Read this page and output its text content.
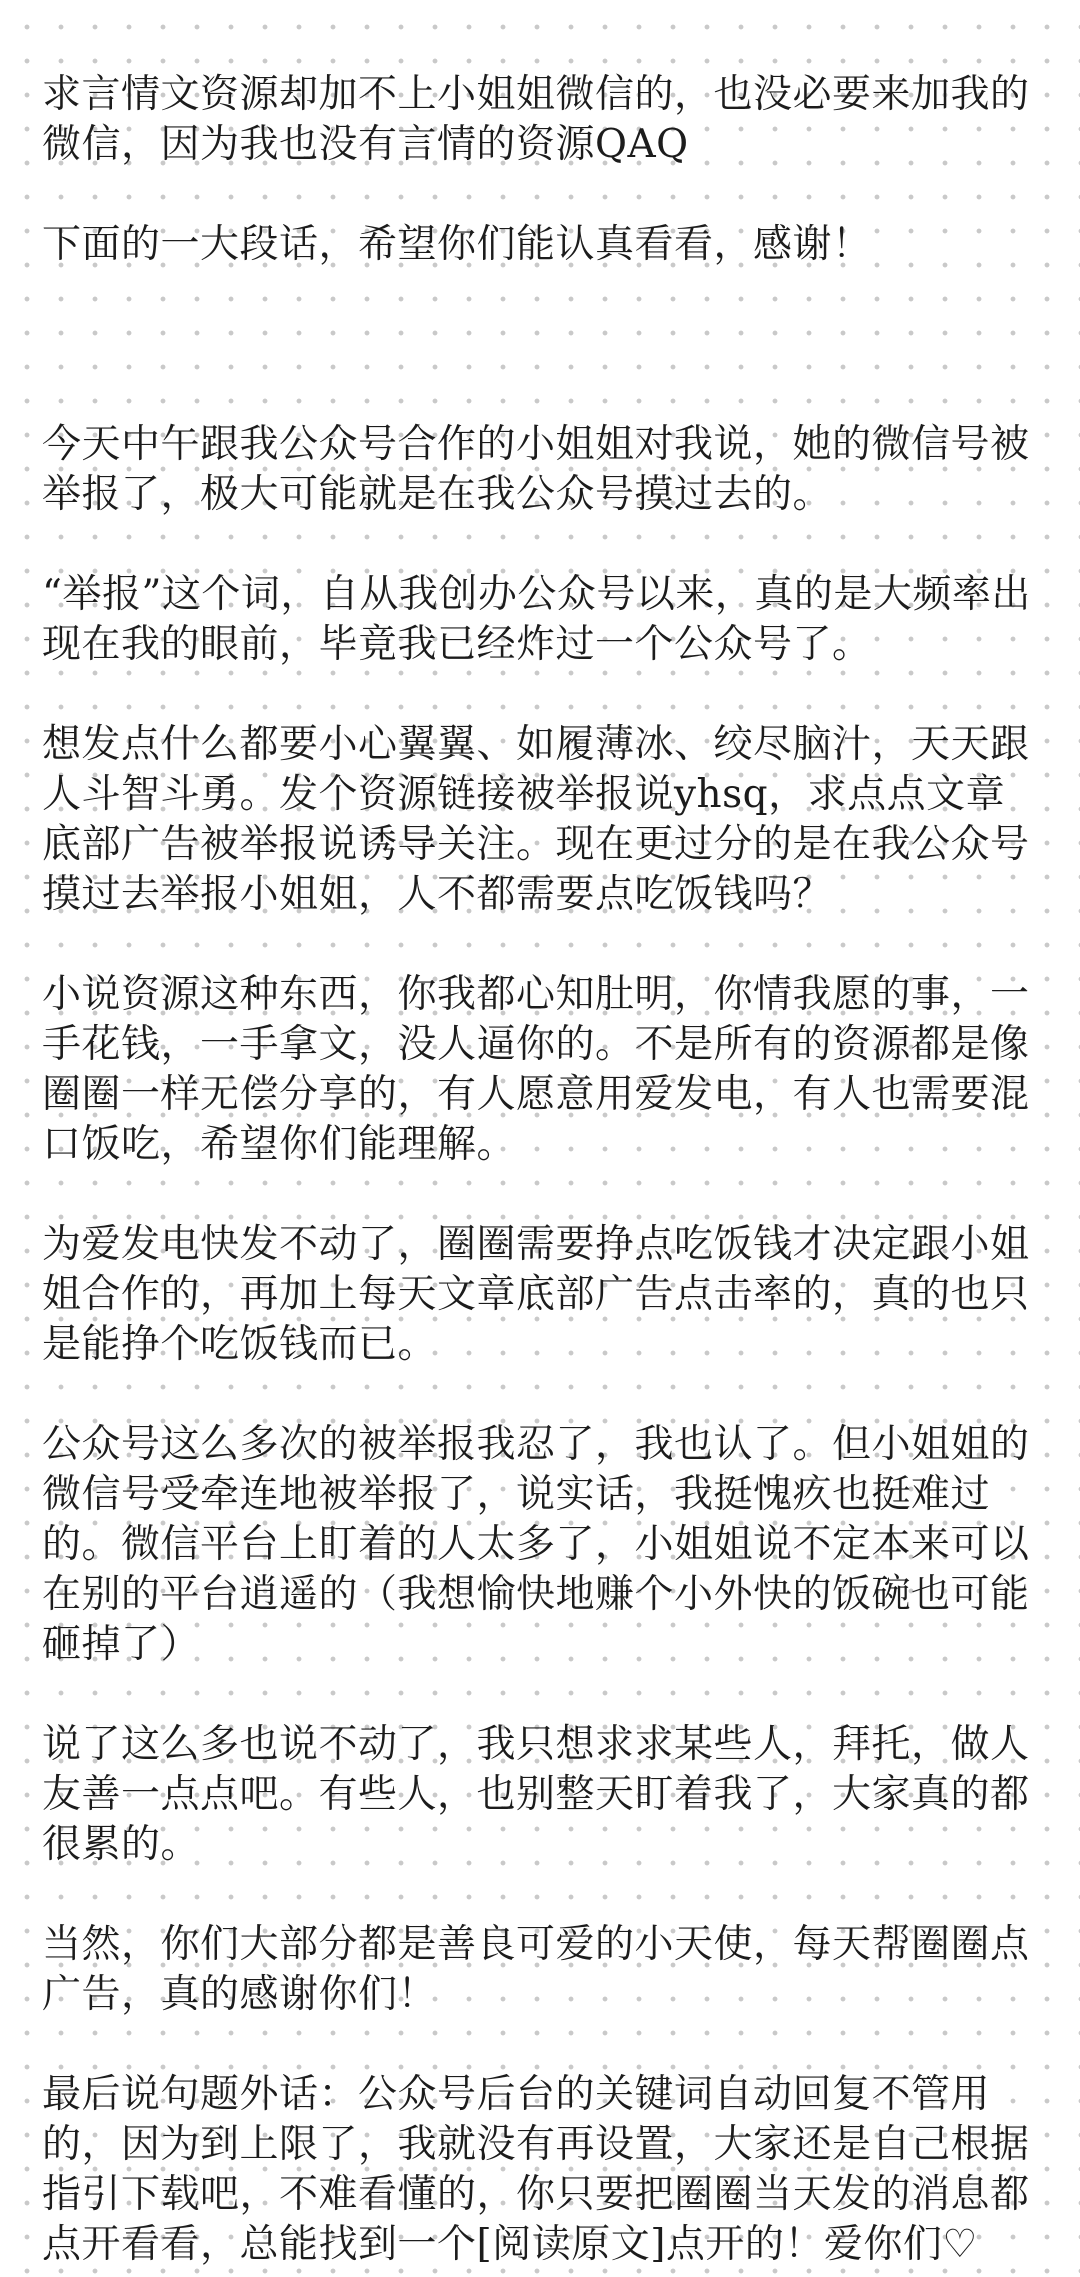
求言情文资源却加不上小姐姐微信的，也没必要来加我的微信，因为我也没有言情的资源QAQ

下面的一大段话，希望你们能认真看看，感谢！

今天中午跟我公众号合作的小姐姐对我说，她的微信号被举报了，极大可能就是在我公众号摸过去的。

“举报”这个词，自从我创办公众号以来，真的是大频率出现在我的眼前，毕竟我已经炸过一个公众号了。

想发点什么都要小心翼翼、如履薄冰、绞尽脑汁，天天跟人斗智斗勇。发个资源链接被举报说yhsq，求点点文章底部广告被举报说诱导关注。现在更过分的是在我公众号摸过去举报小姐姐，人不都需要点吃饭钱吗？

小说资源这种东西，你我都心知肚明，你情我愿的事，一手花钱，一手拿文，没人逼你的。不是所有的资源都是像圈圈一样无偿分享的，有人愿意用爱发电，有人也需要混口饭吃，希望你们能理解。

为爱发电快发不动了，圈圈需要挣点吃饭钱才决定跟小姐姐合作的，再加上每天文章底部广告点击率的，真的也只是能挣个吃饭钱而已。

公众号这么多次的被举报我忍了，我也认了。但小姐姐的微信号受牵连地被举报了，说实话，我挺愧疚也挺难过的。微信平台上盯着的人太多了，小姐姐说不定本来可以在别的平台逍遥的（我想愉快地赚个小外快的饭碗也可能砸掉了）

说了这么多也说不动了，我只想求求某些人，拜托，做人友善一点点吧。有些人，也别整天盯着我了，大家真的都很累的。

当然，你们大部分都是善良可爱的小天使，每天帮圈圈点广告，真的感谢你们！

最后说句题外话：公众号后台的关键词自动回复不管用的，因为到上限了，我就没有再设置，大家还是自己根据指引下载吧，不难看懂的，你只要把圈圈当天发的消息都点开看看，总能找到一个[阅读原文]点开的！爱你们♡
